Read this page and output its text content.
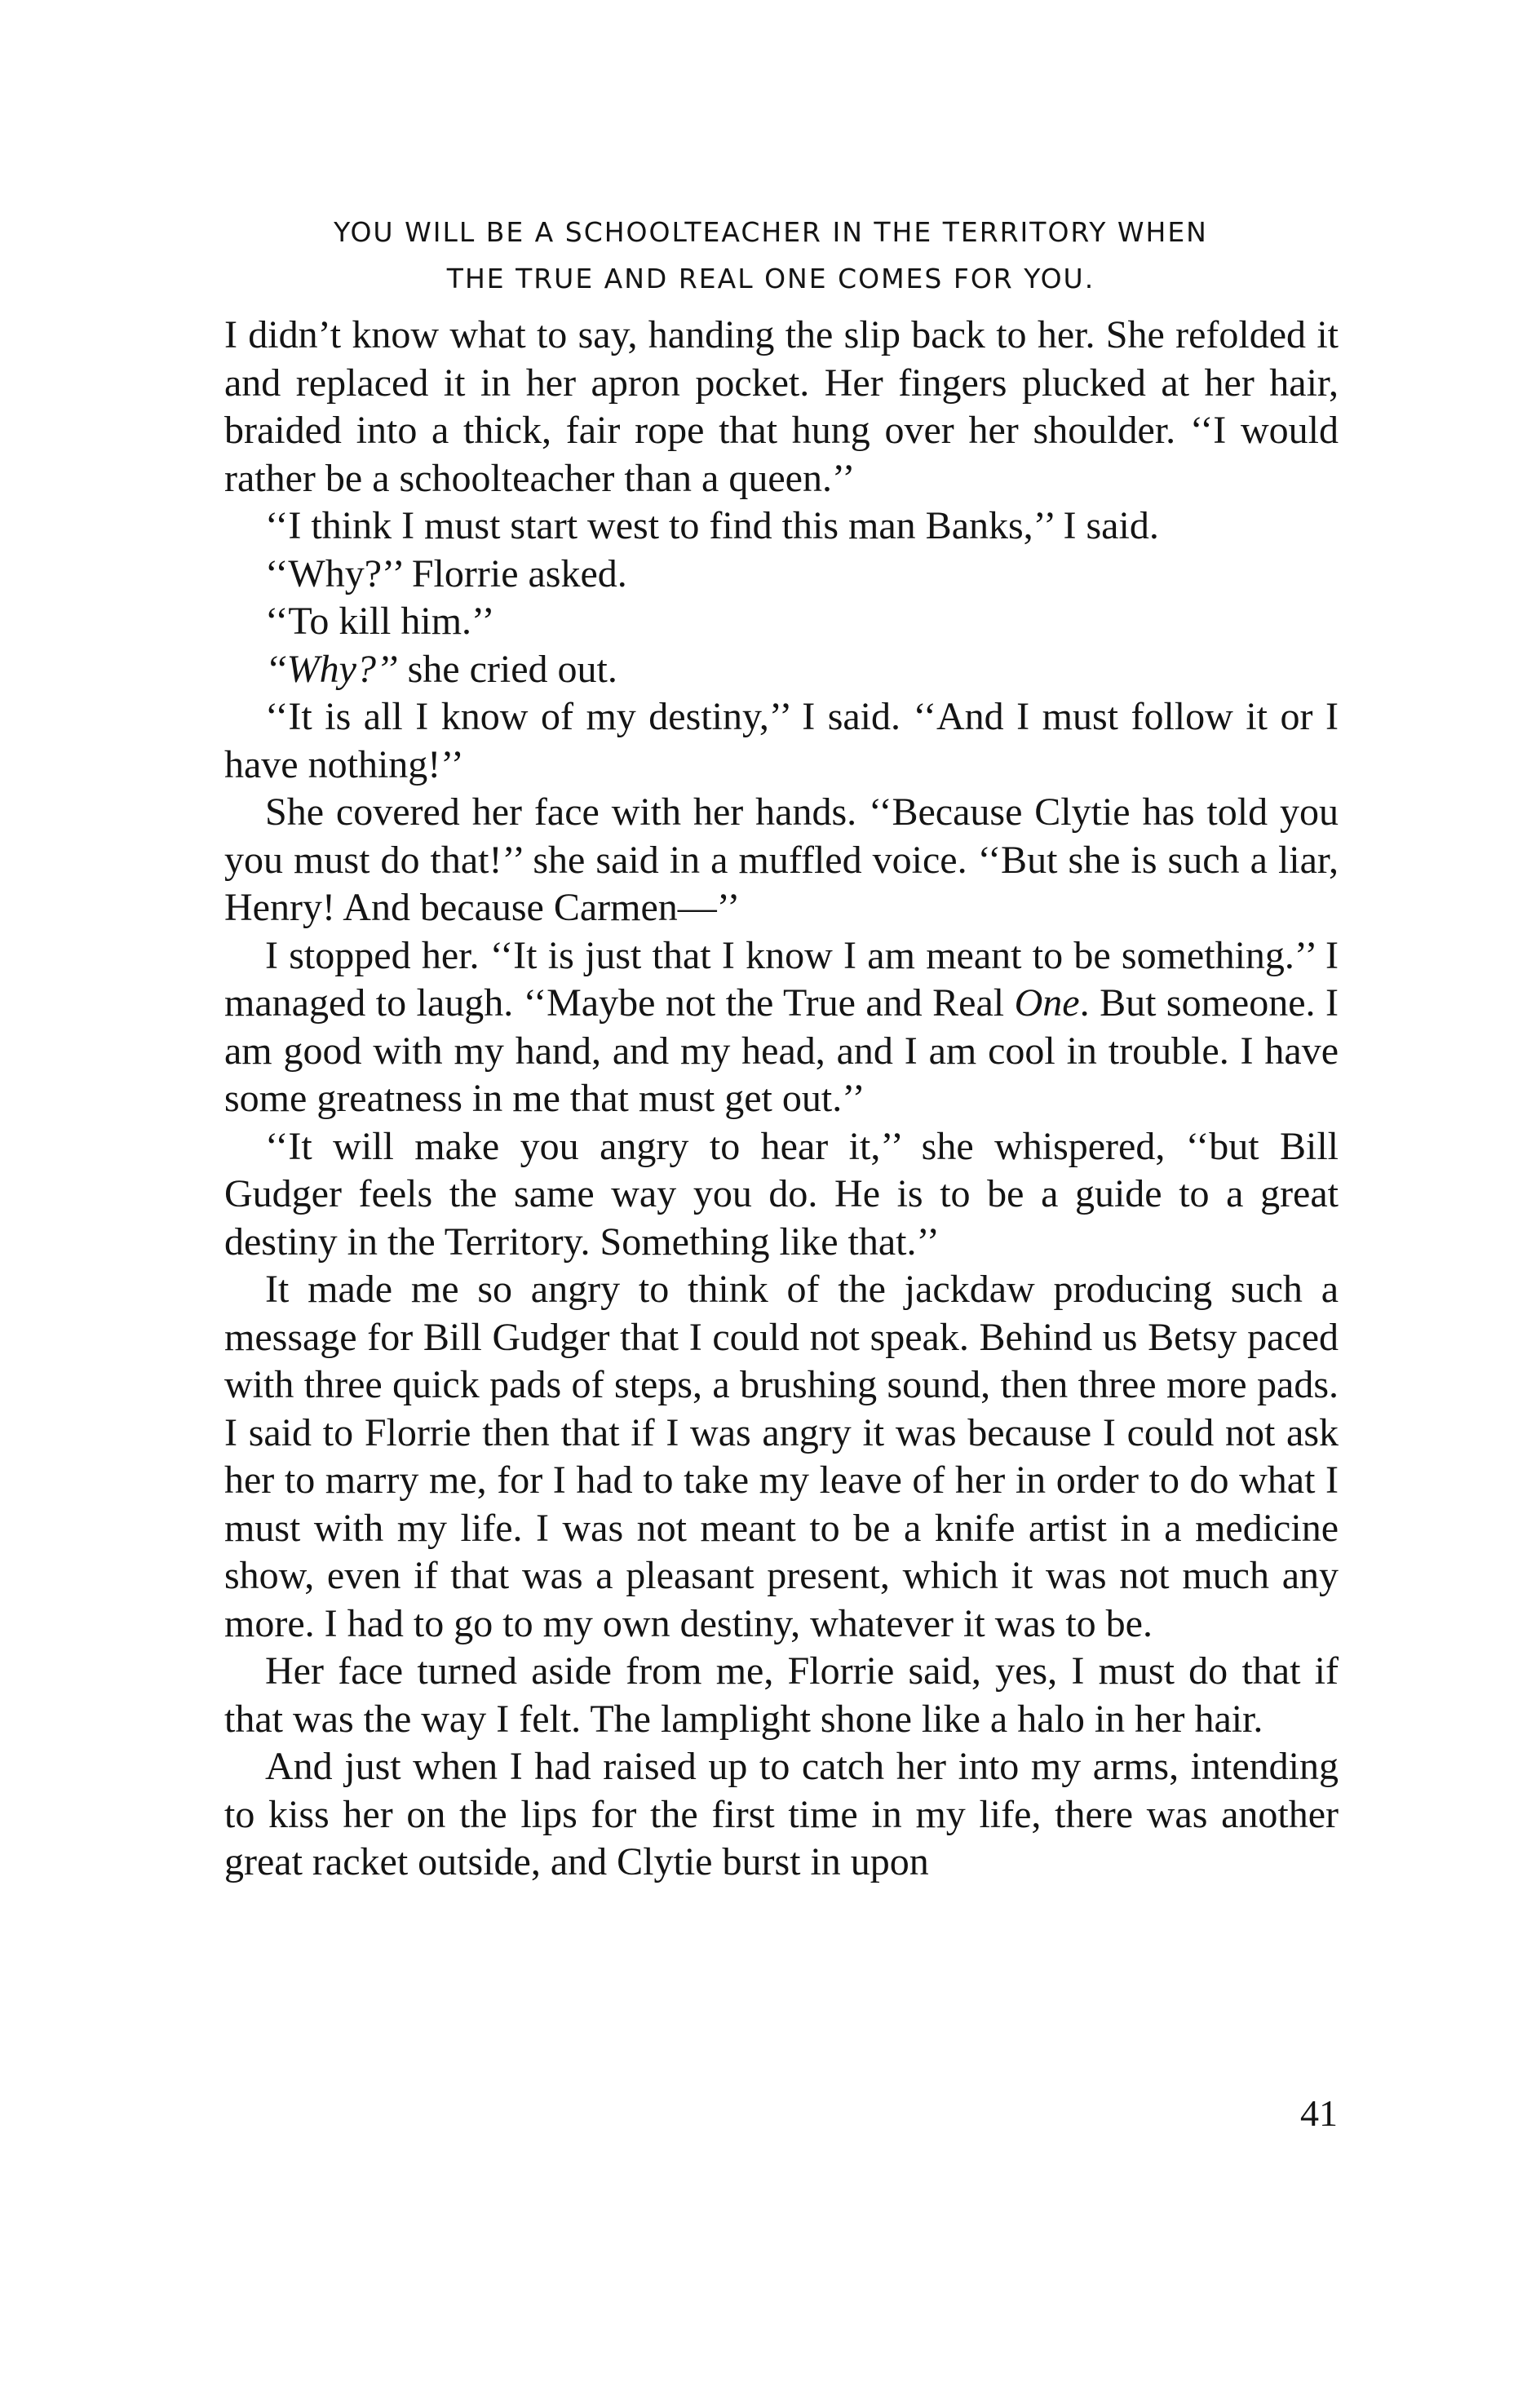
YOU WILL BE A SCHOOLTEACHER IN THE TERRITORY WHEN
THE TRUE AND REAL ONE COMES FOR YOU.

I didn’t know what to say, handing the slip back to her. She refolded it and replaced it in her apron pocket. Her fingers plucked at her hair, braided into a thick, fair rope that hung over her shoulder. ‘‘I would rather be a schoolteacher than a queen.’’

‘‘I think I must start west to find this man Banks,’’ I said.

‘‘Why?’’ Florrie asked.

‘‘To kill him.’’

‘‘Why?’’ she cried out.

‘‘It is all I know of my destiny,’’ I said. ‘‘And I must follow it or I have nothing!’’

She covered her face with her hands. ‘‘Because Clytie has told you you must do that!’’ she said in a muffled voice. ‘‘But she is such a liar, Henry! And because Carmen—’’

I stopped her. ‘‘It is just that I know I am meant to be something.’’ I managed to laugh. ‘‘Maybe not the True and Real One. But someone. I am good with my hand, and my head, and I am cool in trouble. I have some greatness in me that must get out.’’

‘‘It will make you angry to hear it,’’ she whispered, ‘‘but Bill Gudger feels the same way you do. He is to be a guide to a great destiny in the Territory. Something like that.’’

It made me so angry to think of the jackdaw producing such a message for Bill Gudger that I could not speak. Behind us Betsy paced with three quick pads of steps, a brushing sound, then three more pads. I said to Florrie then that if I was angry it was because I could not ask her to marry me, for I had to take my leave of her in order to do what I must with my life. I was not meant to be a knife artist in a medicine show, even if that was a pleasant present, which it was not much any more. I had to go to my own destiny, whatever it was to be.

Her face turned aside from me, Florrie said, yes, I must do that if that was the way I felt. The lamplight shone like a halo in her hair.

And just when I had raised up to catch her into my arms, intending to kiss her on the lips for the first time in my life, there was another great racket outside, and Clytie burst in upon

41
